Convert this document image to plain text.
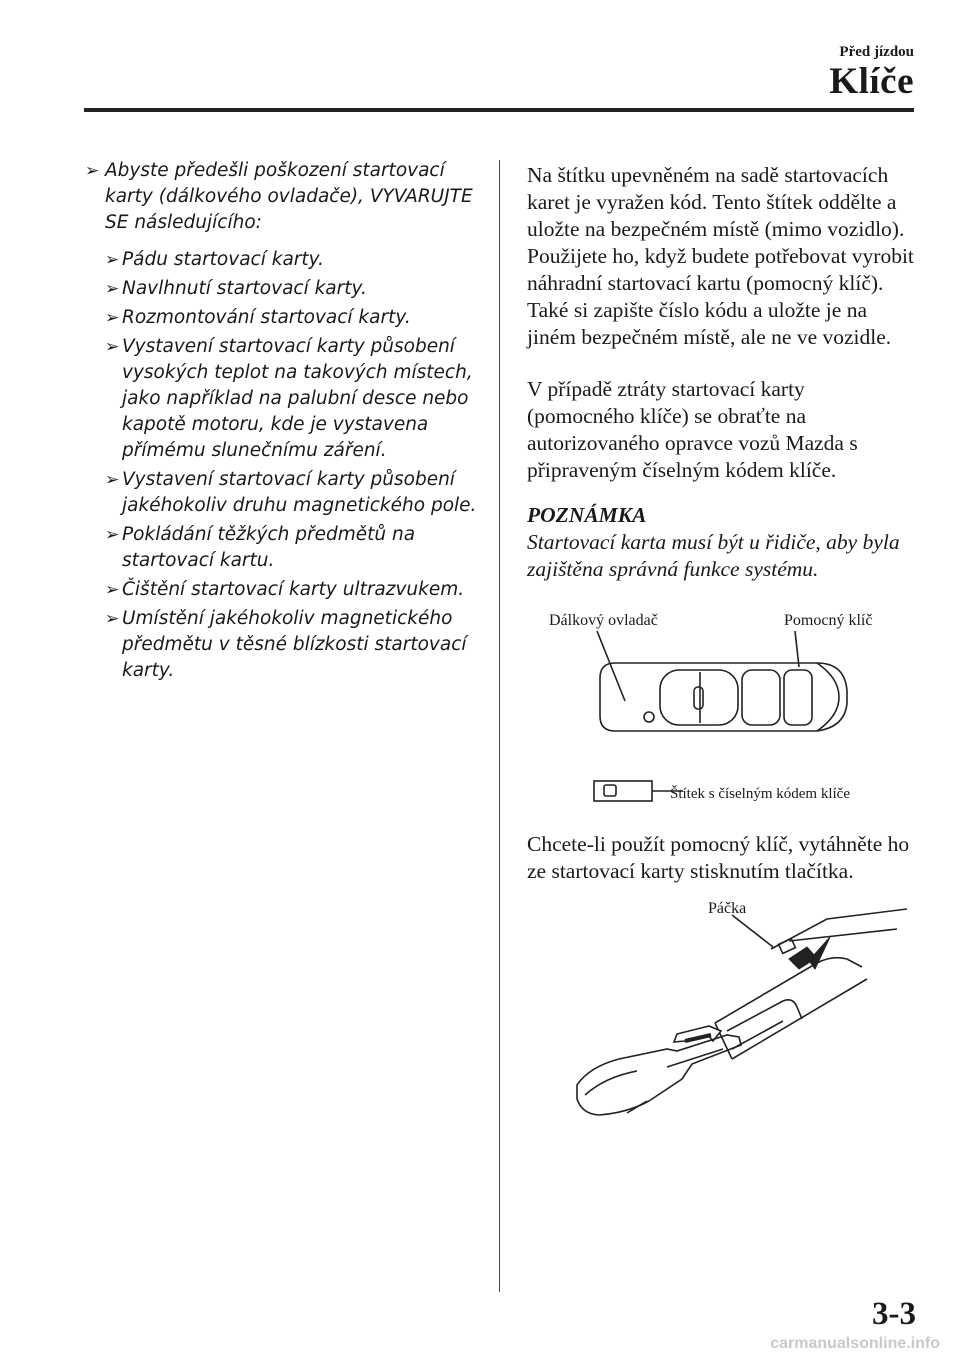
Před jízdou
Klíče
➢ Abyste předešli poškození startovací karty (dálkového ovladače), VYVARUJTE SE následujícího:
➢ Pádu startovací karty.
➢ Navlhnutí startovací karty.
➢ Rozmontování startovací karty.
➢ Vystavení startovací karty působení vysokých teplot na takových místech, jako například na palubní desce nebo kapotě motoru, kde je vystavena přímému slunečnímu záření.
➢ Vystavení startovací karty působení jakéhokoliv druhu magnetického pole.
➢ Pokládání těžkých předmětů na startovací kartu.
➢ Čištění startovací karty ultrazvukem.
➢ Umístění jakéhokoliv magnetického předmětu v těsné blízkosti startovací karty.

Na štítku upevněném na sadě startovacích karet je vyražen kód. Tento štítek oddělte a uložte na bezpečném místě (mimo vozidlo). Použijete ho, když budete potřebovat vyrobit náhradní startovací kartu (pomocný klíč).

Také si zapište číslo kódu a uložte je na jiném bezpečném místě, ale ne ve vozidle.

V případě ztráty startovací karty (pomocného klíče) se obraťte na autorizovaného opravce vozů Mazda s připraveným číselným kódem klíče.

POZNÁMKA
Startovací karta musí být u řidiče, aby byla zajištěna správná funkce systému.
Dálkový ovladač	Pomocný klíč
Štítek s číselným kódem klíče

Chcete-li použít pomocný klíč, vytáhněte ho ze startovací karty stisknutím tlačítka.

Páčka
3-3
carmanualsonline.info
